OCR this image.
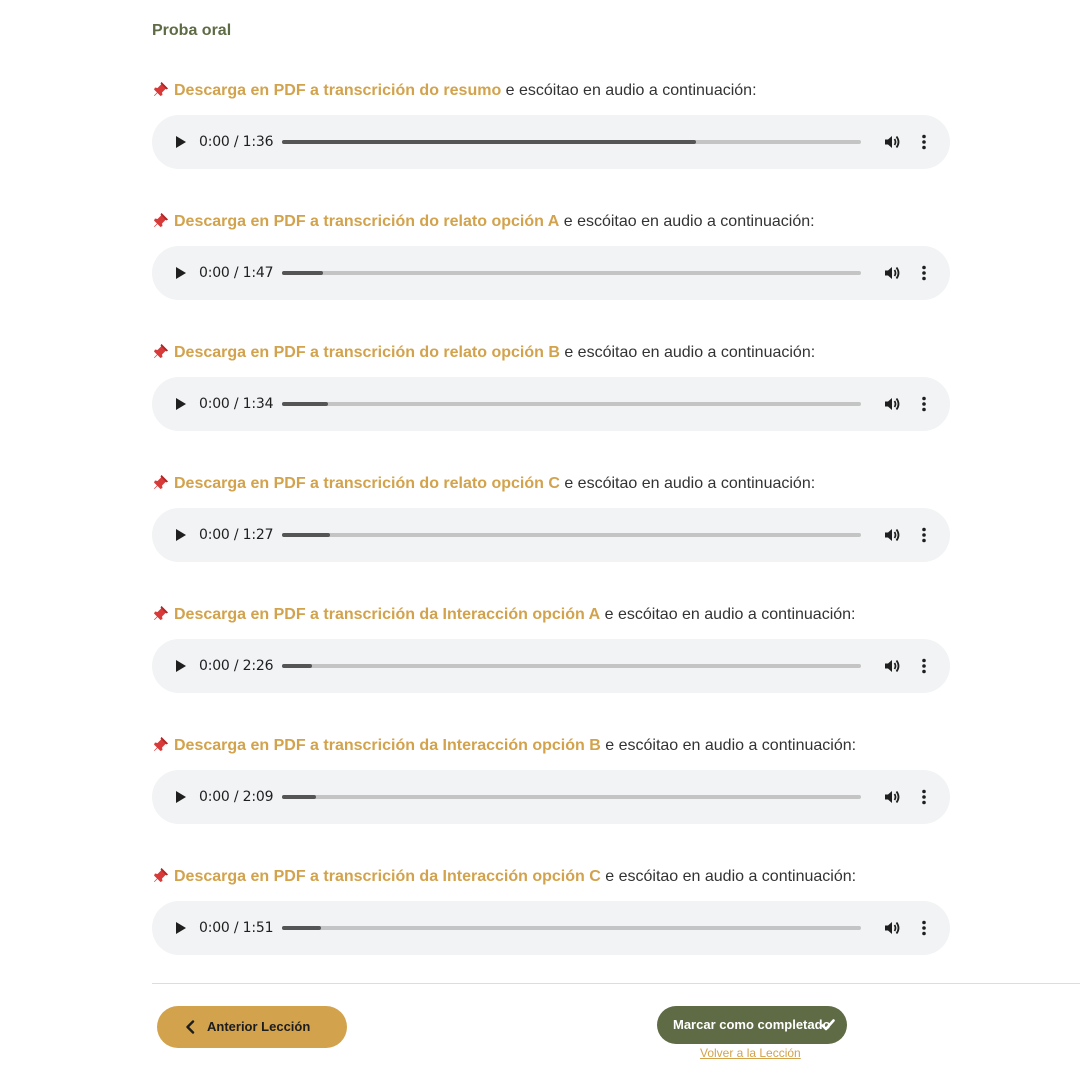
Proba oral
Descarga en PDF a transcrición do resumo e escóitao en audio a continuación:
0:00 / 1:36
Descarga en PDF a transcrición do relato opción A e escóitao en audio a continuación:
0:00 / 1:47
Descarga en PDF a transcrición do relato opción B e escóitao en audio a continuación:
0:00 / 1:34
Descarga en PDF a transcrición do relato opción C e escóitao en audio a continuación:
0:00 / 1:27
Descarga en PDF a transcrición da Interacción opción A e escóitao en audio a continuación:
0:00 / 2:26
Descarga en PDF a transcrición da Interacción opción B e escóitao en audio a continuación:
0:00 / 2:09
Descarga en PDF a transcrición da Interacción opción C e escóitao en audio a continuación:
0:00 / 1:51
Anterior Lección	Marcar como completado
Volver a la Lección
